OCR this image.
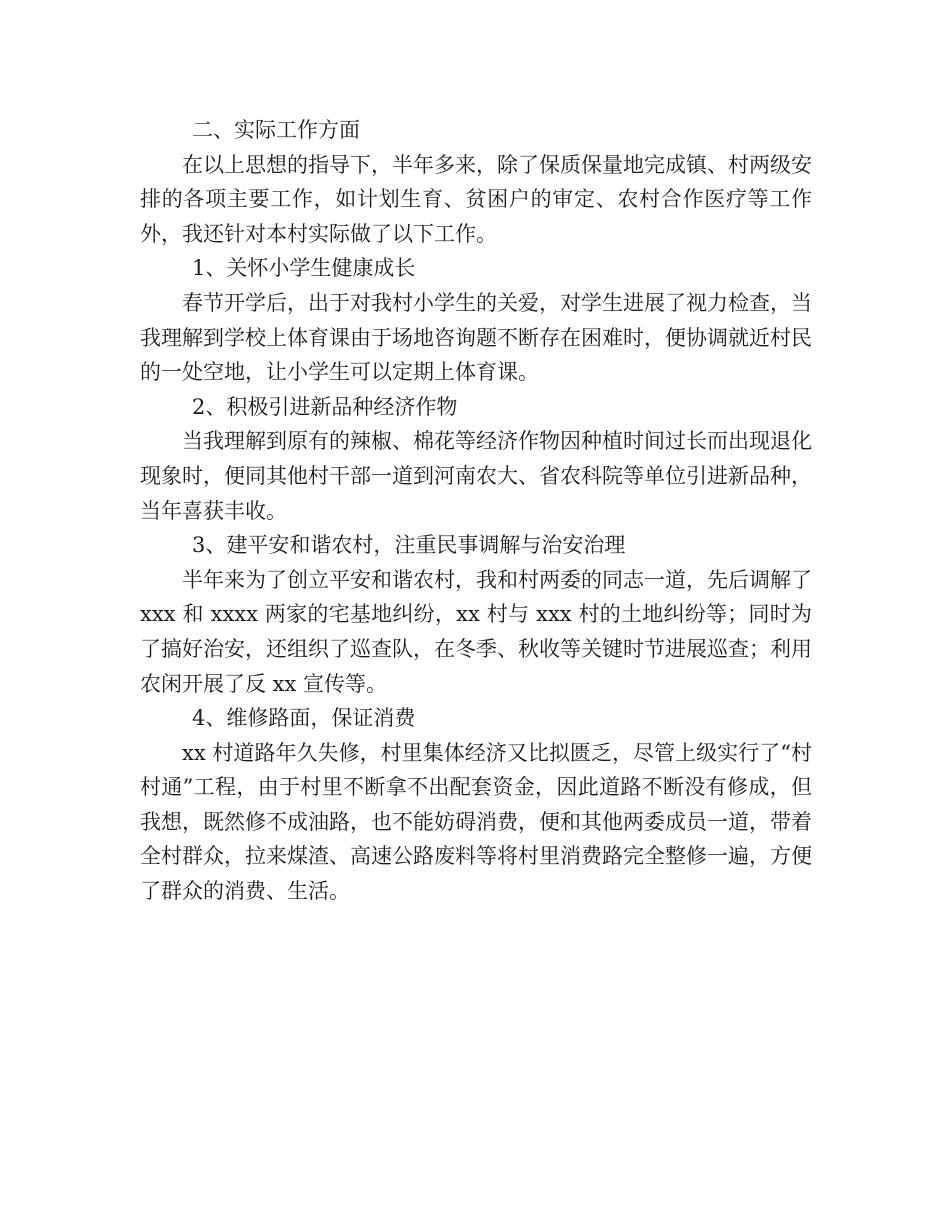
二、实际工作方面

在以上思想的指导下，半年多来，除了保质保量地完成镇、村两级安排的各项主要工作，如计划生育、贫困户的审定、农村合作医疗等工作外，我还针对本村实际做了以下工作。

1、关怀小学生健康成长

春节开学后，出于对我村小学生的关爱，对学生进展了视力检查，当我理解到学校上体育课由于场地咨询题不断存在困难时，便协调就近村民的一处空地，让小学生可以定期上体育课。

2、积极引进新品种经济作物

当我理解到原有的辣椒、棉花等经济作物因种植时间过长而出现退化现象时，便同其他村干部一道到河南农大、省农科院等单位引进新品种，当年喜获丰收。

3、建平安和谐农村，注重民事调解与治安治理

半年来为了创立平安和谐农村，我和村两委的同志一道，先后调解了 xxx 和 xxxx 两家的宅基地纠纷，xx 村与 xxx 村的土地纠纷等；同时为了搞好治安，还组织了巡查队，在冬季、秋收等关键时节进展巡查；利用农闲开展了反 xx 宣传等。

4、维修路面，保证消费

xx 村道路年久失修，村里集体经济又比拟匮乏，尽管上级实行了“村村通”工程，由于村里不断拿不出配套资金，因此道路不断没有修成，但我想，既然修不成油路，也不能妨碍消费，便和其他两委成员一道，带着全村群众，拉来煤渣、高速公路废料等将村里消费路完全整修一遍，方便了群众的消费、生活。
